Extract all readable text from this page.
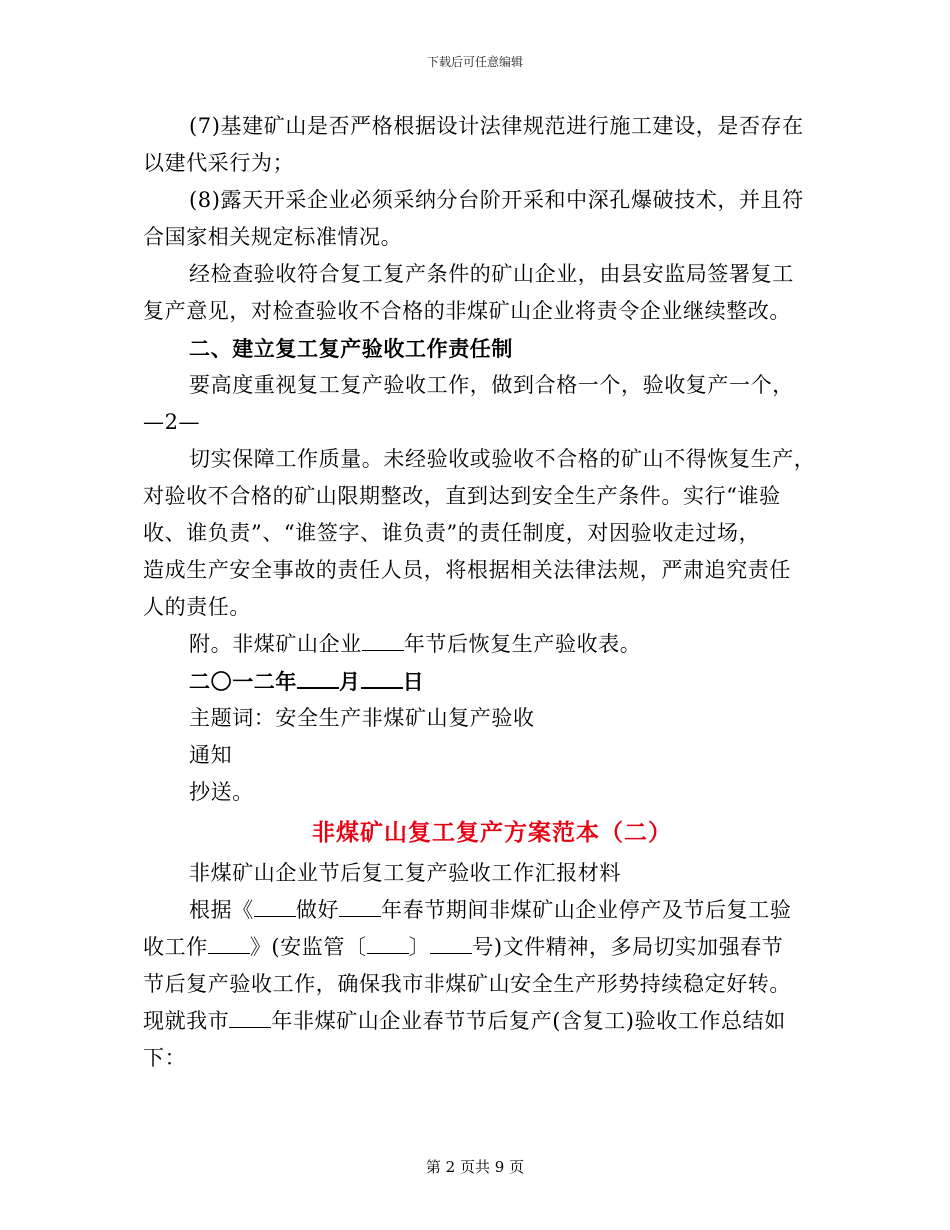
下载后可任意编辑
(7)基建矿山是否严格根据设计法律规范进行施工建设，是否存在
以建代采行为；
(8)露天开采企业必须采纳分台阶开采和中深孔爆破技术，并且符
合国家相关规定标准情况。
经检查验收符合复工复产条件的矿山企业，由县安监局签署复工
复产意见，对检查验收不合格的非煤矿山企业将责令企业继续整改。
二、建立复工复产验收工作责任制
要高度重视复工复产验收工作，做到合格一个，验收复产一个，
—2—
切实保障工作质量。未经验收或验收不合格的矿山不得恢复生产，
对验收不合格的矿山限期整改，直到达到安全生产条件。实行“谁验
收、谁负责”、“谁签字、谁负责”的责任制度，对因验收走过场，
造成生产安全事故的责任人员，将根据相关法律法规，严肃追究责任
人的责任。
附。非煤矿山企业 年节后恢复生产验收表。
二〇一二年 月 日
主题词：安全生产非煤矿山复产验收
通知
抄送。
非煤矿山复工复产方案范本（二）
非煤矿山企业节后复工复产验收工作汇报材料
根据《 做好 年春节期间非煤矿山企业停产及节后复工验
收工作 》(安监管〔 〕 号)文件精神，多局切实加强春节
节后复产验收工作，确保我市非煤矿山安全生产形势持续稳定好转。
现就我市 年非煤矿山企业春节节后复产(含复工)验收工作总结如
下：
第 2 页共 9 页
